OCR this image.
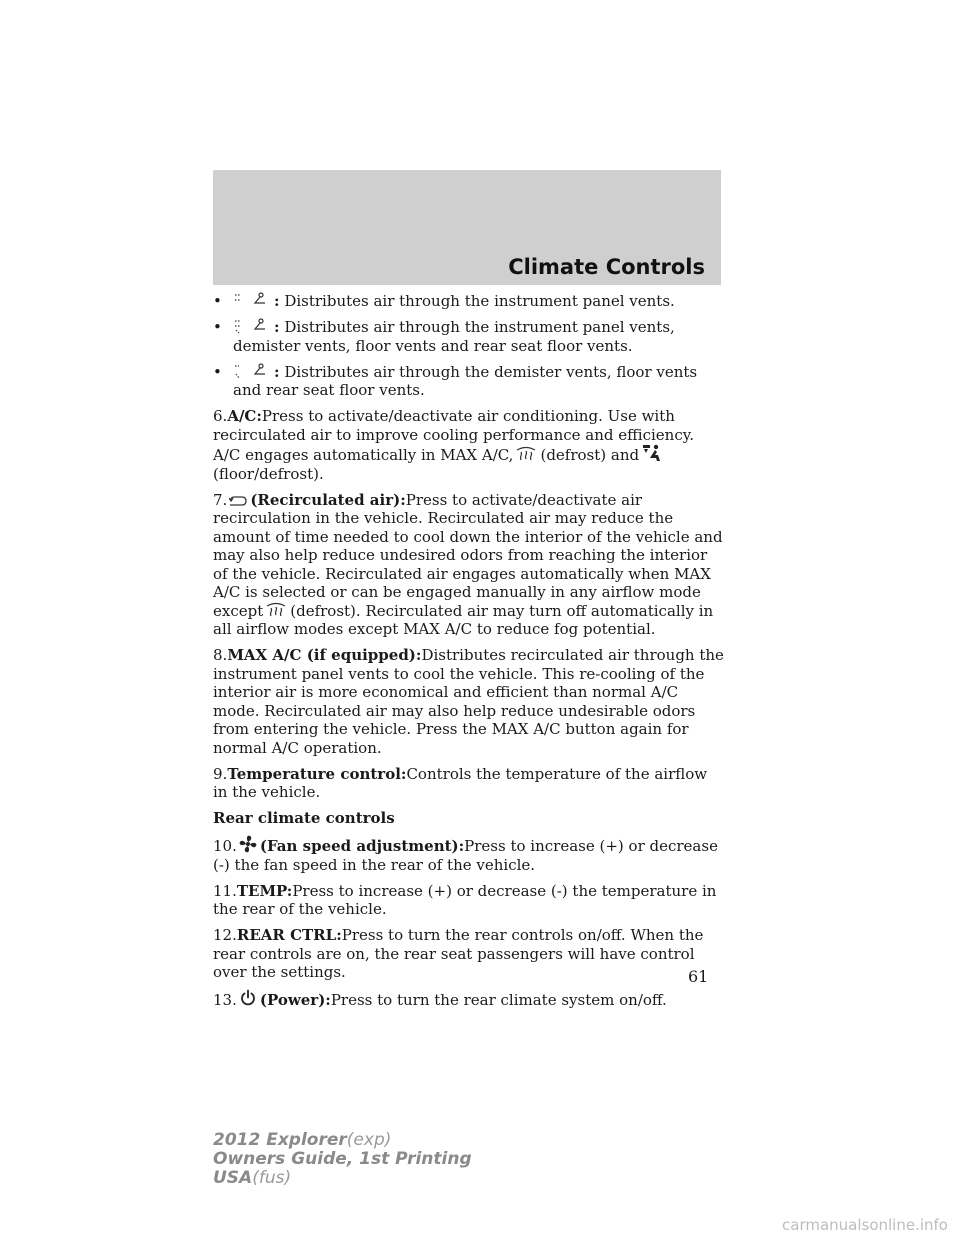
Climate Controls

•	: Distributes air through the instrument panel vents.

•	: Distributes air through the instrument panel vents, demister vents, floor vents and rear seat floor vents.

•	: Distributes air through the demister vents, floor vents and rear seat floor vents.

6.A/C:Press to activate/deactivate air conditioning. Use with recirculated air to improve cooling performance and efficiency. A/C engages automatically in MAX A/C, (defrost) and
(floor/defrost).

7. (Recirculated air):Press to activate/deactivate air recirculation in the vehicle. Recirculated air may reduce the amount of time needed to cool down the interior of the vehicle and may also help reduce undesired odors from reaching the interior of the vehicle. Recirculated air engages automatically when MAX A/C is selected or can be engaged manually in any airflow mode except (defrost). Recirculated air may turn off automatically in all airflow modes except MAX A/C to reduce fog potential.

8.MAX A/C (if equipped):Distributes recirculated air through the instrument panel vents to cool the vehicle. This re-cooling of the interior air is more economical and efficient than normal A/C mode. Recirculated air may also help reduce undesirable odors from entering the vehicle. Press the MAX A/C button again for normal A/C operation.

9.Temperature control:Controls the temperature of the airflow in the vehicle.

Rear climate controls

10. (Fan speed adjustment):Press to increase (+) or decrease (-) the fan speed in the rear of the vehicle.

11.TEMP:Press to increase (+) or decrease (-) the temperature in the rear of the vehicle.

12.REAR CTRL:Press to turn the rear controls on/off. When the rear controls are on, the rear seat passengers will have control over the settings.

13. (Power):Press to turn the rear climate system on/off.

61
2012 Explorer(exp)
Owners Guide, 1st Printing
USA(fus)
carmanualsonline.info
